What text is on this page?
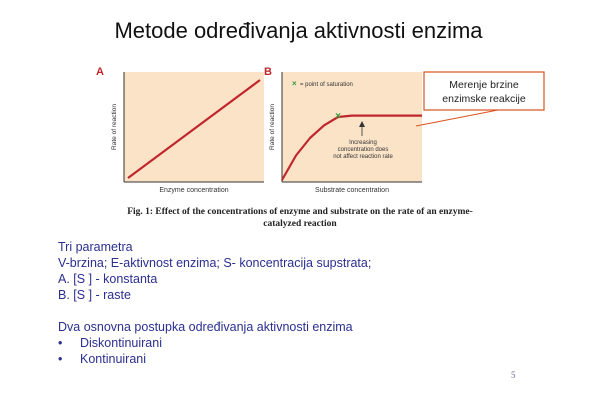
Metode određivanja aktivnosti enzima
A
Rate of reaction
Enzyme concentration
B
×
× = point of saturation
Increasing
concentration does
not affect reaction rate
Rate of reaction
Substrate concentration
Merenje brzine
enzimske reakcije
Fig. 1: Effect of the concentrations of enzyme and substrate on the rate of an enzyme-
catalyzed reaction
Tri parametra
V-brzina; E-aktivnost enzima; S- koncentracija supstrata;
A. [S ] - konstanta
B. [S ] - raste
Dva osnovna postupka određivanja aktivnosti enzima
• Diskontinuirani
• Kontinuirani
5
